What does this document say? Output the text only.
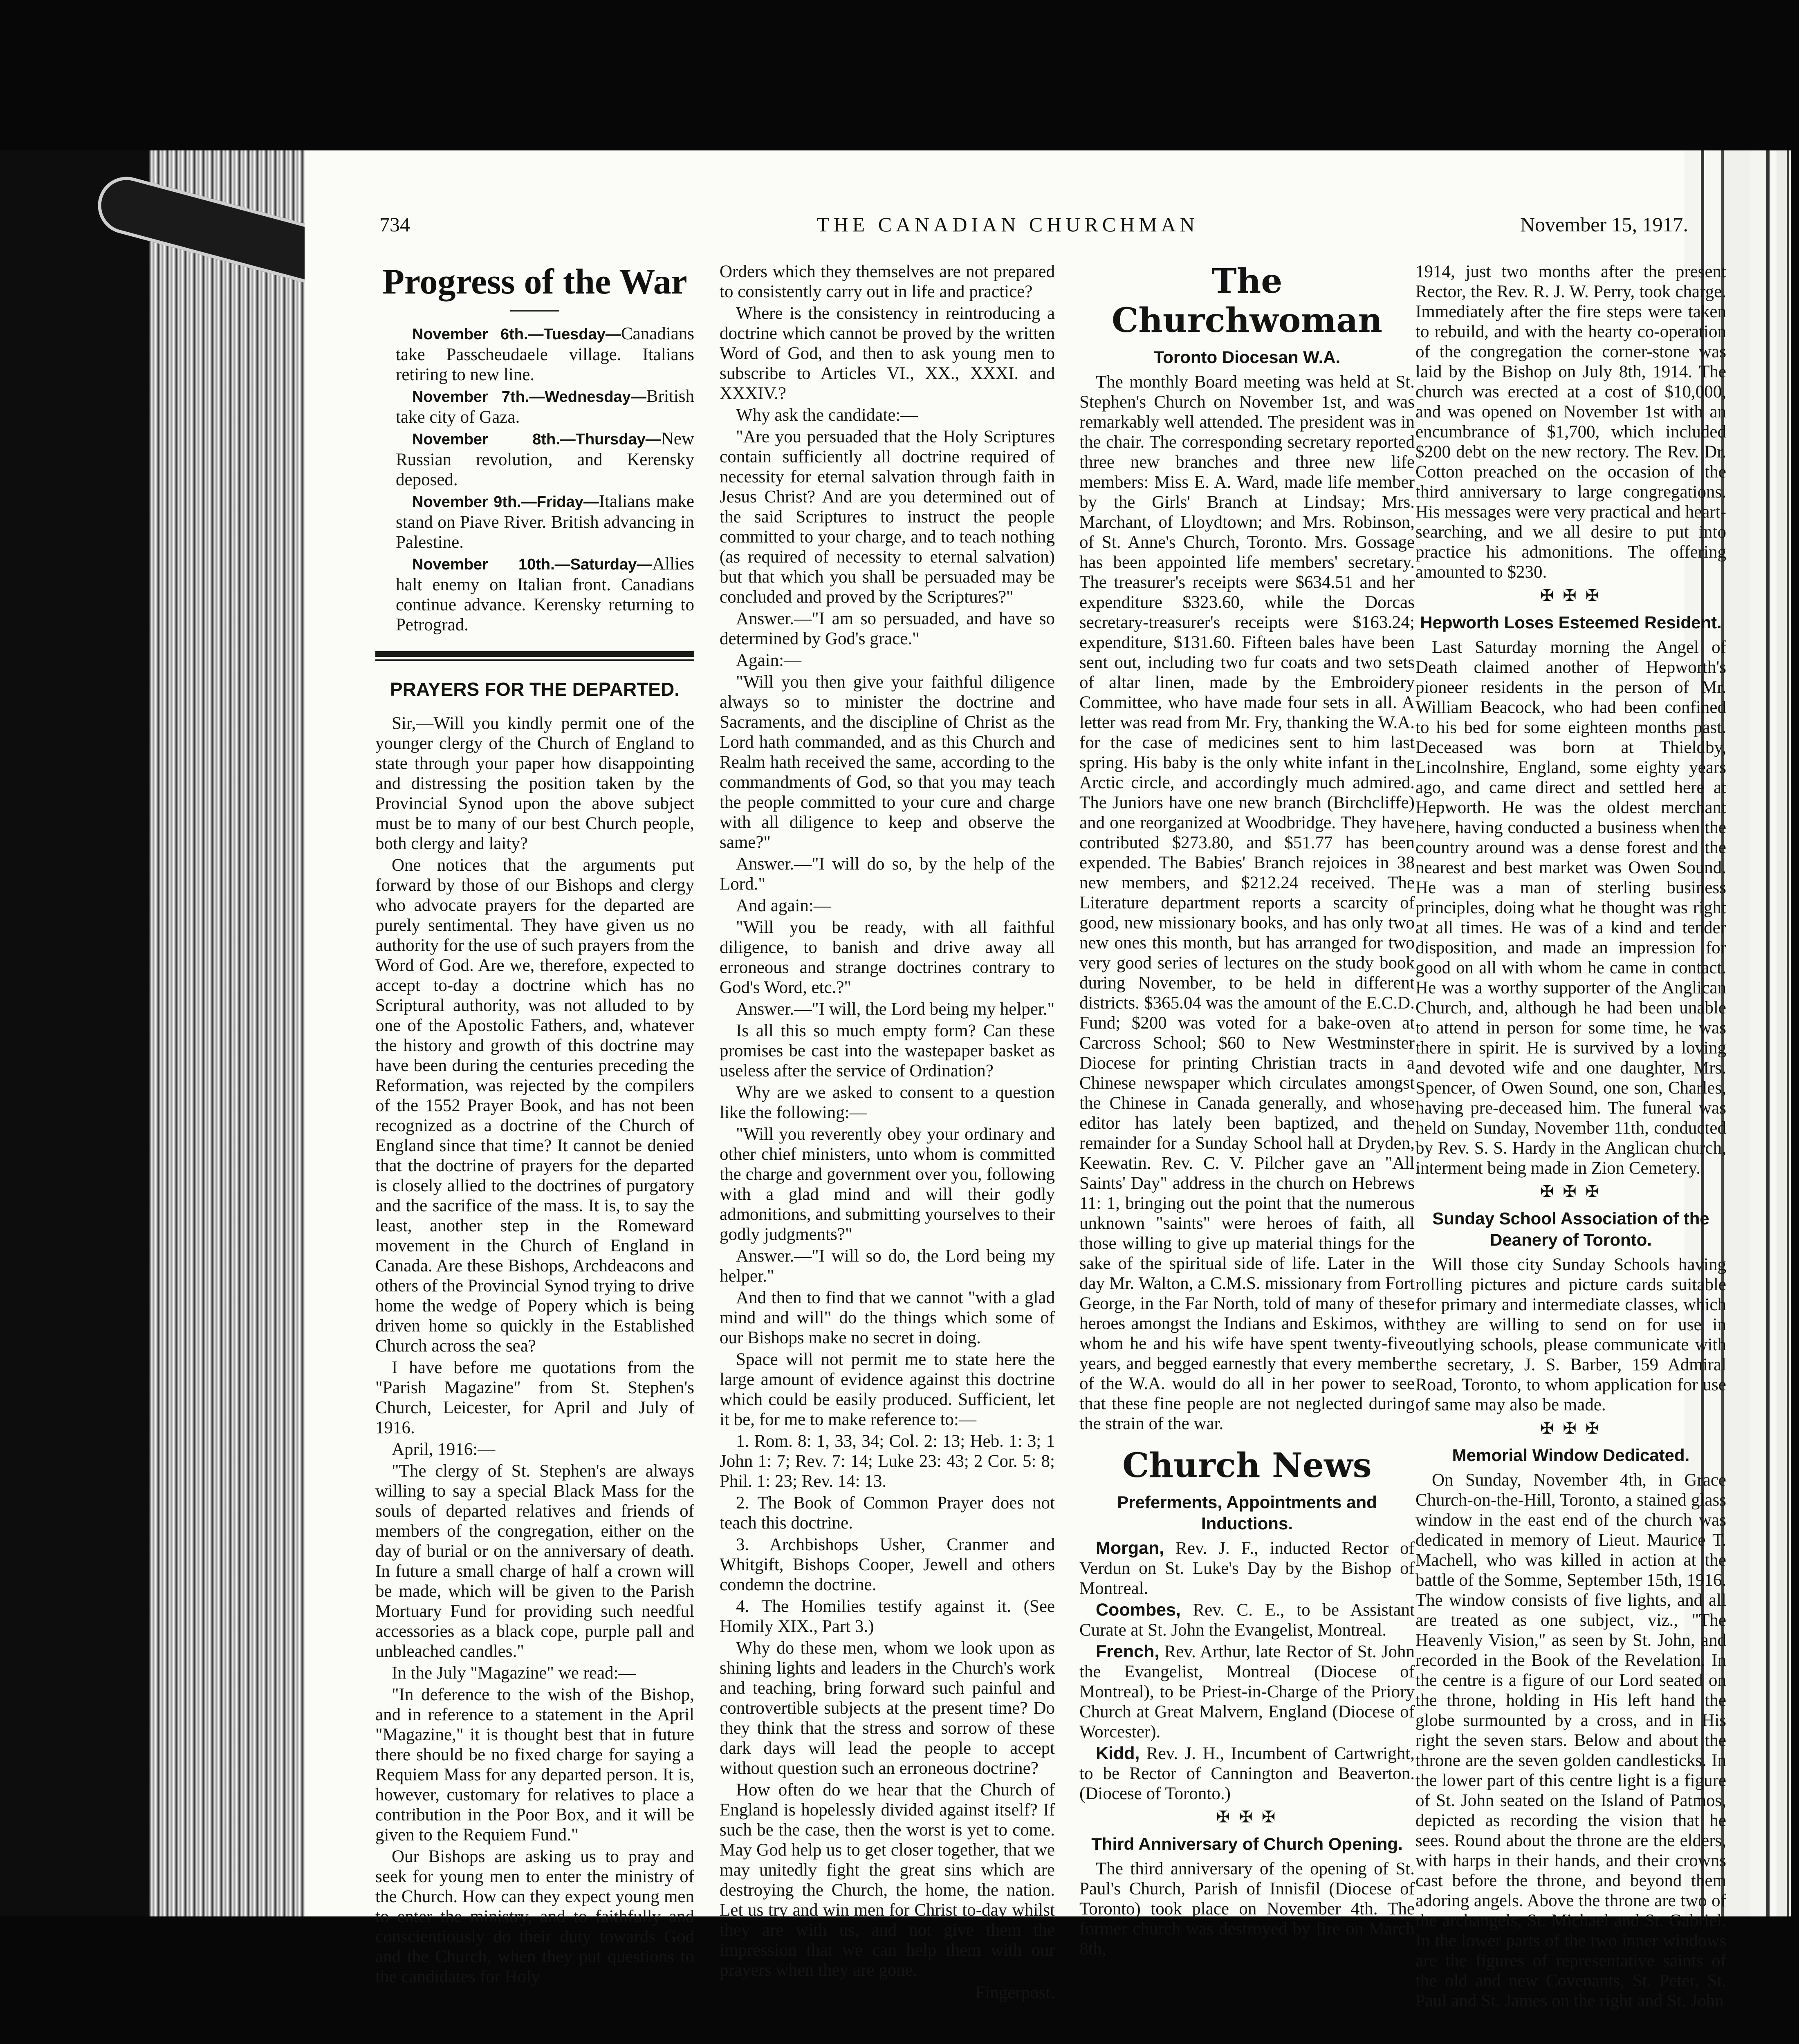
734	THE CANADIAN CHURCHMAN	November 15, 1917.
Progress of the War

November 6th.—Tuesday—Canadians take Passcheudaele village. Italians retiring to new line.

November 7th.—Wednesday—British take city of Gaza.

November 8th.—Thursday—New Russian revolution, and Kerensky deposed.

November 9th.—Friday—Italians make stand on Piave River. British advancing in Palestine.

November 10th.—Saturday—Allies halt enemy on Italian front. Canadians continue advance. Kerensky returning to Petrograd.

PRAYERS FOR THE DEPARTED.

Sir,—Will you kindly permit one of the younger clergy of the Church of England to state through your paper how disappointing and distressing the position taken by the Provincial Synod upon the above subject must be to many of our best Church people, both clergy and laity?

One notices that the arguments put forward by those of our Bishops and clergy who advocate prayers for the departed are purely sentimental. They have given us no authority for the use of such prayers from the Word of God. Are we, therefore, expected to accept to-day a doctrine which has no Scriptural authority, was not alluded to by one of the Apostolic Fathers, and, whatever the history and growth of this doctrine may have been during the centuries preceding the Reformation, was rejected by the compilers of the 1552 Prayer Book, and has not been recognized as a doctrine of the Church of England since that time? It cannot be denied that the doctrine of prayers for the departed is closely allied to the doctrines of purgatory and the sacrifice of the mass. It is, to say the least, another step in the Romeward movement in the Church of England in Canada. Are these Bishops, Archdeacons and others of the Provincial Synod trying to drive home the wedge of Popery which is being driven home so quickly in the Established Church across the sea?

I have before me quotations from the "Parish Magazine" from St. Stephen's Church, Leicester, for April and July of 1916.

April, 1916:—

"The clergy of St. Stephen's are always willing to say a special Black Mass for the souls of departed relatives and friends of members of the congregation, either on the day of burial or on the anniversary of death. In future a small charge of half a crown will be made, which will be given to the Parish Mortuary Fund for providing such needful accessories as a black cope, purple pall and unbleached candles."

In the July "Magazine" we read:—

"In deference to the wish of the Bishop, and in reference to a statement in the April "Magazine," it is thought best that in future there should be no fixed charge for saying a Requiem Mass for any departed person. It is, however, customary for relatives to place a contribution in the Poor Box, and it will be given to the Requiem Fund."

Our Bishops are asking us to pray and seek for young men to enter the ministry of the Church. How can they expect young men to enter the ministry, and to faithfully and conscientiously do their duty towards God and the Church, when they put questions to the candidates for Holy

Orders which they themselves are not prepared to consistently carry out in life and practice?

Where is the consistency in reintroducing a doctrine which cannot be proved by the written Word of God, and then to ask young men to subscribe to Articles VI., XX., XXXI. and XXXIV.?

Why ask the candidate:—

"Are you persuaded that the Holy Scriptures contain sufficiently all doctrine required of necessity for eternal salvation through faith in Jesus Christ? And are you determined out of the said Scriptures to instruct the people committed to your charge, and to teach nothing (as required of necessity to eternal salvation) but that which you shall be persuaded may be concluded and proved by the Scriptures?"

Answer.—"I am so persuaded, and have so determined by God's grace."

Again:—

"Will you then give your faithful diligence always so to minister the doctrine and Sacraments, and the discipline of Christ as the Lord hath commanded, and as this Church and Realm hath received the same, according to the commandments of God, so that you may teach the people committed to your cure and charge with all diligence to keep and observe the same?"

Answer.—"I will do so, by the help of the Lord."

And again:—

"Will you be ready, with all faithful diligence, to banish and drive away all erroneous and strange doctrines contrary to God's Word, etc.?"

Answer.—"I will, the Lord being my helper."

Is all this so much empty form? Can these promises be cast into the wastepaper basket as useless after the service of Ordination?

Why are we asked to consent to a question like the following:—

"Will you reverently obey your ordinary and other chief ministers, unto whom is committed the charge and government over you, following with a glad mind and will their godly admonitions, and submitting yourselves to their godly judgments?"

Answer.—"I will so do, the Lord being my helper."

And then to find that we cannot "with a glad mind and will" do the things which some of our Bishops make no secret in doing.

Space will not permit me to state here the large amount of evidence against this doctrine which could be easily produced. Sufficient, let it be, for me to make reference to:—

1. Rom. 8: 1, 33, 34; Col. 2: 13; Heb. 1: 3; 1 John 1: 7; Rev. 7: 14; Luke 23: 43; 2 Cor. 5: 8; Phil. 1: 23; Rev. 14: 13.

2. The Book of Common Prayer does not teach this doctrine.

3. Archbishops Usher, Cranmer and Whitgift, Bishops Cooper, Jewell and others condemn the doctrine.

4. The Homilies testify against it. (See Homily XIX., Part 3.)

Why do these men, whom we look upon as shining lights and leaders in the Church's work and teaching, bring forward such painful and controvertible subjects at the present time? Do they think that the stress and sorrow of these dark days will lead the people to accept without question such an erroneous doctrine?

How often do we hear that the Church of England is hopelessly divided against itself? If such be the case, then the worst is yet to come. May God help us to get closer together, that we may unitedly fight the great sins which are destroying the Church, the home, the nation. Let us try and win men for Christ to-day whilst they are with us, and not give them the impression that we can help them with our prayers when they are gone.

Fingerpost.
The Churchwoman
Toronto Diocesan W.A.

The monthly Board meeting was held at St. Stephen's Church on November 1st, and was remarkably well attended. The president was in the chair. The corresponding secretary reported three new branches and three new life members: Miss E. A. Ward, made life member by the Girls' Branch at Lindsay; Mrs. Marchant, of Lloydtown; and Mrs. Robinson, of St. Anne's Church, Toronto. Mrs. Gossage has been appointed life members' secretary. The treasurer's receipts were $634.51 and her expenditure $323.60, while the Dorcas secretary-treasurer's receipts were $163.24; expenditure, $131.60. Fifteen bales have been sent out, including two fur coats and two sets of altar linen, made by the Embroidery Committee, who have made four sets in all. A letter was read from Mr. Fry, thanking the W.A. for the case of medicines sent to him last spring. His baby is the only white infant in the Arctic circle, and accordingly much admired. The Juniors have one new branch (Birchcliffe) and one reorganized at Woodbridge. They have contributed $273.80, and $51.77 has been expended. The Babies' Branch rejoices in 38 new members, and $212.24 received. The Literature department reports a scarcity of good, new missionary books, and has only two new ones this month, but has arranged for two very good series of lectures on the study book during November, to be held in different districts. $365.04 was the amount of the E.C.D. Fund; $200 was voted for a bake-oven at Carcross School; $60 to New Westminster Diocese for printing Christian tracts in a Chinese newspaper which circulates amongst the Chinese in Canada generally, and whose editor has lately been baptized, and the remainder for a Sunday School hall at Dryden, Keewatin. Rev. C. V. Pilcher gave an "All Saints' Day" address in the church on Hebrews 11: 1, bringing out the point that the numerous unknown "saints" were heroes of faith, all those willing to give up material things for the sake of the spiritual side of life. Later in the day Mr. Walton, a C.M.S. missionary from Fort George, in the Far North, told of many of these heroes amongst the Indians and Eskimos, with whom he and his wife have spent twenty-five years, and begged earnestly that every member of the W.A. would do all in her power to see that these fine people are not neglected during the strain of the war.

Church News
Preferments, Appointments and Inductions.

Morgan, Rev. J. F., inducted Rector of Verdun on St. Luke's Day by the Bishop of Montreal.

Coombes, Rev. C. E., to be Assistant Curate at St. John the Evangelist, Montreal.

French, Rev. Arthur, late Rector of St. John the Evangelist, Montreal (Diocese of Montreal), to be Priest-in-Charge of the Priory Church at Great Malvern, England (Diocese of Worcester).

Kidd, Rev. J. H., Incumbent of Cartwright, to be Rector of Cannington and Beaverton. (Diocese of Toronto.)

✠ ✠ ✠
Third Anniversary of Church Opening.

The third anniversary of the opening of St. Paul's Church, Parish of Innisfil (Diocese of Toronto) took place on November 4th. The former church was destroyed by fire on March 8th,

1914, just two months after the present Rector, the Rev. R. J. W. Perry, took charge. Immediately after the fire steps were taken to rebuild, and with the hearty co-operation of the congregation the corner-stone was laid by the Bishop on July 8th, 1914. The church was erected at a cost of $10,000, and was opened on November 1st with an encumbrance of $1,700, which included $200 debt on the new rectory. The Rev. Dr. Cotton preached on the occasion of the third anniversary to large congregations. His messages were very practical and heart-searching, and we all desire to put into practice his admonitions. The offering amounted to $230.

✠ ✠ ✠
Hepworth Loses Esteemed Resident.

Last Saturday morning the Angel of Death claimed another of Hepworth's pioneer residents in the person of Mr. William Beacock, who had been confined to his bed for some eighteen months past. Deceased was born at Thieldby, Lincolnshire, England, some eighty years ago, and came direct and settled here at Hepworth. He was the oldest merchant here, having conducted a business when the country around was a dense forest and the nearest and best market was Owen Sound. He was a man of sterling business principles, doing what he thought was right at all times. He was of a kind and tender disposition, and made an impression for good on all with whom he came in contact. He was a worthy supporter of the Anglican Church, and, although he had been unable to attend in person for some time, he was there in spirit. He is survived by a loving and devoted wife and one daughter, Mrs. Spencer, of Owen Sound, one son, Charles, having pre-deceased him. The funeral was held on Sunday, November 11th, conducted by Rev. S. S. Hardy in the Anglican church, interment being made in Zion Cemetery.

✠ ✠ ✠
Sunday School Association of the Deanery of Toronto.

Will those city Sunday Schools having rolling pictures and picture cards suitable for primary and intermediate classes, which they are willing to send on for use in outlying schools, please communicate with the secretary, J. S. Barber, 159 Admiral Road, Toronto, to whom application for use of same may also be made.

✠ ✠ ✠
Memorial Window Dedicated.

On Sunday, November 4th, in Grace Church-on-the-Hill, Toronto, a stained glass window in the east end of the church was dedicated in memory of Lieut. Maurice T. Machell, who was killed in action at the battle of the Somme, September 15th, 1916. The window consists of five lights, and all are treated as one subject, viz., "The Heavenly Vision," as seen by St. John, and recorded in the Book of the Revelation. In the centre is a figure of our Lord seated on the throne, holding in His left hand the globe surmounted by a cross, and in His right the seven stars. Below and about the throne are the seven golden candlesticks. In the lower part of this centre light is a figure of St. John seated on the Island of Patmos, depicted as recording the vision that he sees. Round about the throne are the elders, with harps in their hands, and their crowns cast before the throne, and beyond them adoring angels. Above the throne are two of the archangels, St. Michael and St. Gabriel. In the lower parts of the two inner windows are the figures of representative saints of the old and new Covenants, St. Peter, St. Paul and St. James on the right and St. John
